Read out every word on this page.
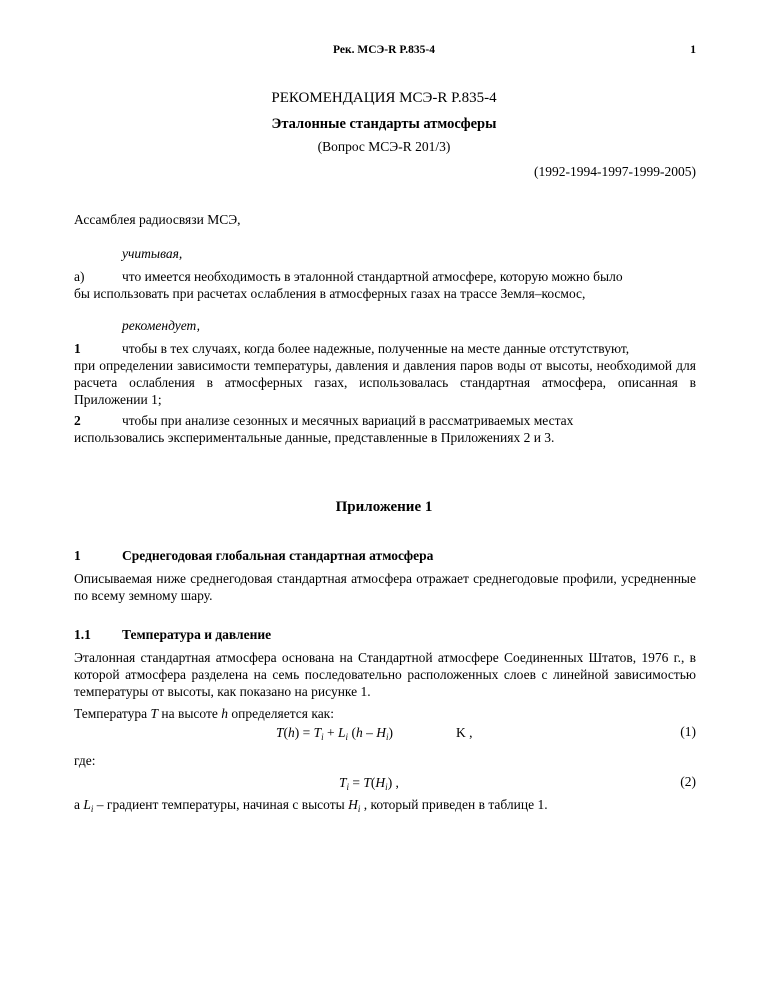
Рек. МСЭ-R P.835-4	1
РЕКОМЕНДАЦИЯ МСЭ-R P.835-4
Эталонные стандарты атмосферы
(Вопрос МСЭ-R 201/3)
(1992-1994-1997-1999-2005)
Ассамблея радиосвязи МСЭ,
учитывая,
a)	что имеется необходимость в эталонной стандартной атмосфере, которую можно было
бы использовать при расчетах ослабления в атмосферных газах на трассе Земля–космос,
рекомендует,
1	чтобы в тех случаях, когда более надежные, полученные на месте данные отстутствуют,
при определении зависимости температуры, давления и давления паров воды от высоты, необходимой для расчета ослабления в атмосферных газах, использовалась стандартная атмосфера, описанная в Приложении 1;
2	чтобы при анализе сезонных и месячных вариаций в рассматриваемых местах
использовались экспериментальные данные, представленные в Приложениях 2 и 3.
Приложение 1
1	Среднегодовая глобальная стандартная атмосфера
Описываемая ниже среднегодовая стандартная атмосфера отражает среднегодовые профили, усредненные по всему земному шару.
1.1 Температура и давление
Эталонная стандартная атмосфера основана на Стандартной атмосфере Соединенных Штатов, 1976 г., в которой атмосфера разделена на семь последовательно расположенных слоев с линейной зависимостью температуры от высоты, как показано на рисунке 1.
Температура T на высоте h определяется как:
$T(h) = T_i + L_i$ $(h - H_i)$	K ,	(1)
где:
$T_i = T(H_i)$ ,	(2)
а $L_i$ – градиент температуры, начиная с высоты $H_i$ , который приведен в таблице 1.
